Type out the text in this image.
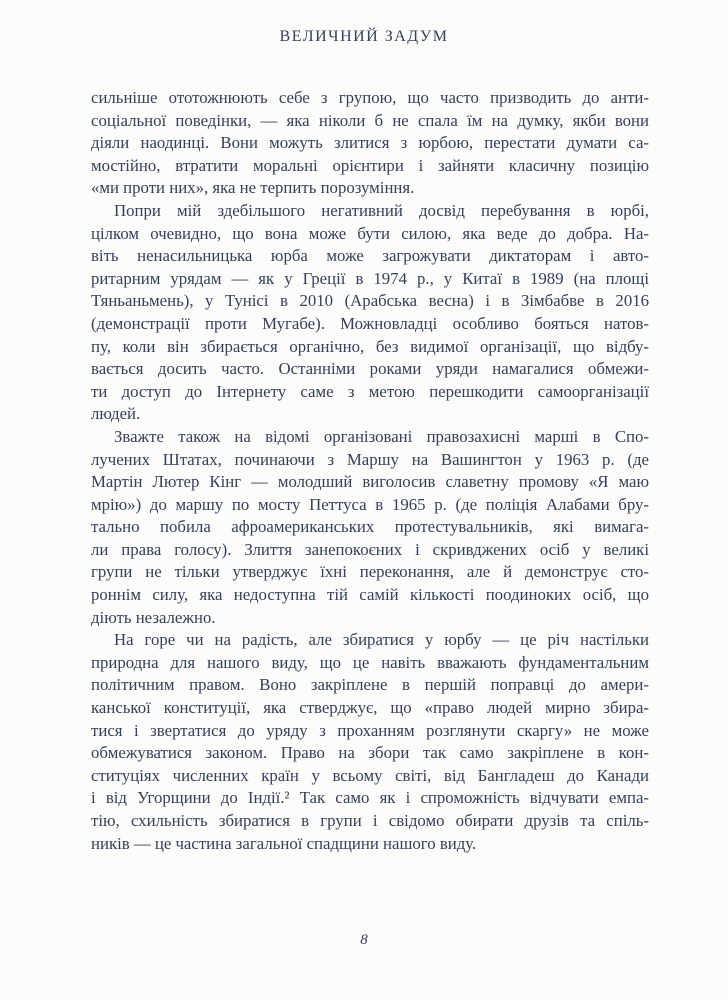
ВЕЛИЧНИЙ ЗАДУМ
сильніше ототожнюють себе з групою, що часто призводить до анти-
соціальної поведінки, — яка ніколи б не спала їм на думку, якби вони
діяли наодинці. Вони можуть злитися з юрбою, перестати думати са-
мостійно, втратити моральні орієнтири і зайняти класичну позицію
«ми проти них», яка не терпить порозуміння.
Попри мій здебільшого негативний досвід перебування в юрбі,
цілком очевидно, що вона може бути силою, яка веде до добра. На-
віть ненасильницька юрба може загрожувати диктаторам і авто-
ритарним урядам — як у Греції в 1974 р., у Китаї в 1989 (на площі
Тяньаньмень), у Тунісі в 2010 (Арабська весна) і в Зімбабве в 2016
(демонстрації проти Мугабе). Можновладці особливо бояться натов-
пу, коли він збирається органічно, без видимої організації, що відбу-
вається досить часто. Останніми роками уряди намагалися обмежи-
ти доступ до Інтернету саме з метою перешкодити самоорганізації
людей.
Зважте також на відомі організовані правозахисні марші в Спо-
лучених Штатах, починаючи з Маршу на Вашингтон у 1963 р. (де
Мартін Лютер Кінг — молодший виголосив славетну промову «Я маю
мрію») до маршу по мосту Петтуса в 1965 р. (де поліція Алабами бру-
тально побила афроамериканських протестувальників, які вимага-
ли права голосу). Злиття занепокоєних і скривджених осіб у великі
групи не тільки утверджує їхні переконання, але й демонструє сто-
роннім силу, яка недоступна тій самій кількості поодиноких осіб, що
діють незалежно.
На горе чи на радість, але збиратися у юрбу — це річ настільки
природна для нашого виду, що це навіть вважають фундаментальним
політичним правом. Воно закріплене в першій поправці до амери-
канської конституції, яка стверджує, що «право людей мирно збира-
тися і звертатися до уряду з проханням розглянути скаргу» не може
обмежуватися законом. Право на збори так само закріплене в кон-
ституціях численних країн у всьому світі, від Бангладеш до Канади
і від Угорщини до Індії.² Так само як і спроможність відчувати емпа-
тію, схильність збиратися в групи і свідомо обирати друзів та спіль-
ників — це частина загальної спадщини нашого виду.
8
